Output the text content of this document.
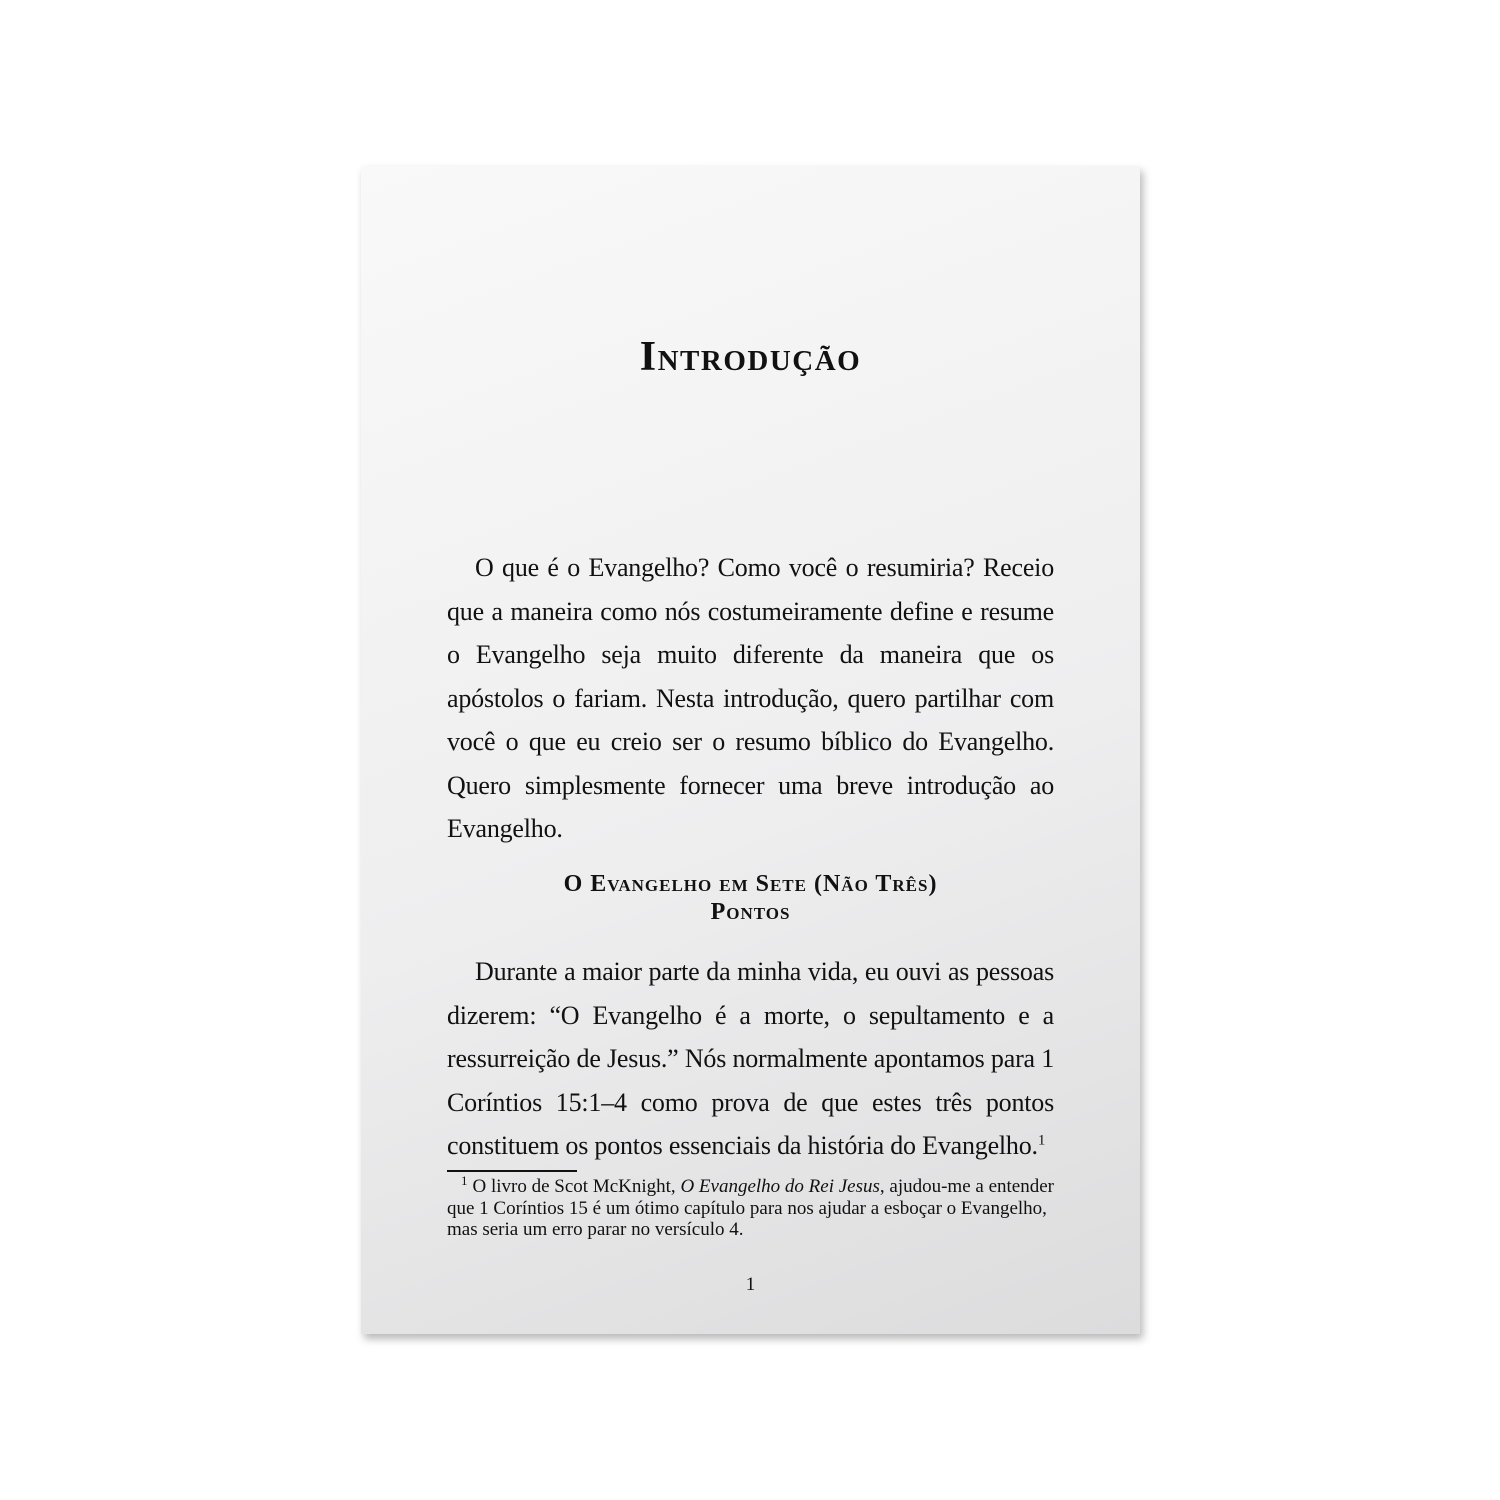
Introdução

O que é o Evangelho? Como você o resumiria? Receio que a maneira como nós costumeiramente define e resume o Evangelho seja muito diferente da maneira que os apóstolos o fariam. Nesta introdução, quero partilhar com você o que eu creio ser o resumo bíblico do Evangelho. Quero simplesmente fornecer uma breve introdução ao Evangelho.

O Evangelho em Sete (Não Três)

Pontos

Durante a maior parte da minha vida, eu ouvi as pessoas dizerem: “O Evangelho é a morte, o sepultamento e a ressurreição de Jesus.” Nós normalmente apontamos para 1 Coríntios 15:1–4 como prova de que estes três pontos constituem os pontos essenciais da história do Evangelho.$^1$

$^1$ O livro de Scot McKnight, O Evangelho do Rei Jesus, ajudou-me a entender que 1 Coríntios 15 é um ótimo capítulo para nos ajudar a esboçar o Evangelho, mas seria um erro parar no versículo 4.

1
